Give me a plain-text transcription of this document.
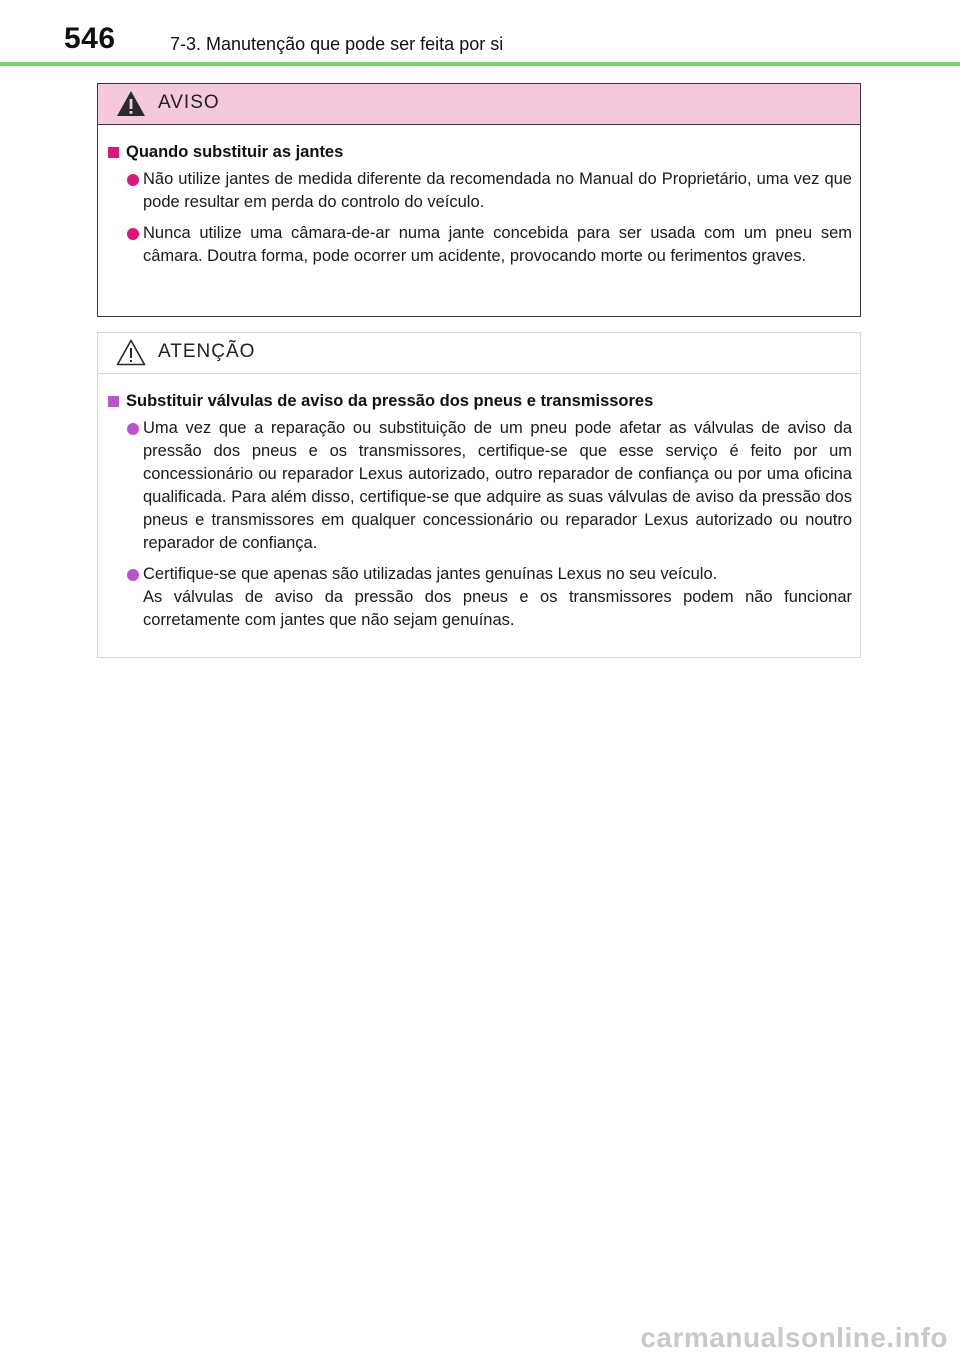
546	7-3. Manutenção que pode ser feita por si
AVISO
Quando substituir as jantes
Não utilize jantes de medida diferente da recomendada no Manual do Proprietário, uma vez que pode resultar em perda do controlo do veículo.
Nunca utilize uma câmara-de-ar numa jante concebida para ser usada com um pneu sem câmara. Doutra forma, pode ocorrer um acidente, provocando morte ou ferimentos graves.
ATENÇÃO
Substituir válvulas de aviso da pressão dos pneus e transmissores
Uma vez que a reparação ou substituição de um pneu pode afetar as válvulas de aviso da pressão dos pneus e os transmissores, certifique-se que esse serviço é feito por um concessionário ou reparador Lexus autorizado, outro reparador de confiança ou por uma oficina qualificada. Para além disso, certifique-se que adquire as suas válvulas de aviso da pressão dos pneus e transmissores em qualquer concessionário ou reparador Lexus autorizado ou noutro reparador de confiança.
Certifique-se que apenas são utilizadas jantes genuínas Lexus no seu veículo.
As válvulas de aviso da pressão dos pneus e os transmissores podem não funcionar corretamente com jantes que não sejam genuínas.
carmanualsonline.info
